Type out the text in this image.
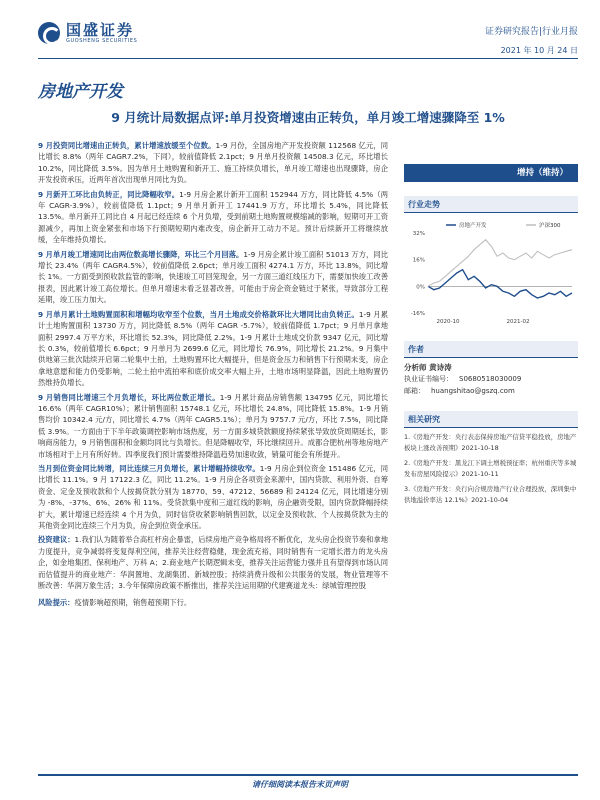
国盛证券
GUOSHENG SECURITIES
证券研究报告|行业月报
2021 年 10 月 24 日
房地产开发
9 月统计局数据点评:单月投资增速由正转负，单月竣工增速骤降至 1%
9 月投资同比增速由正转负，累计增速放缓至个位数。1-9 月份，全国房地产开发投资额 112568 亿元，同比增长 8.8%（两年 CAGR7.2%，下同），较前值降低 2.1pct；9 月单月投资额 14508.3 亿元，环比增长 10.2%，同比降低 3.5%。因为单月土地购置和新开工、施工持续负增长，单月竣工增速也出现骤降，房企开发投资承压，近两年首次出现单月同比为负。
9 月新开工环比由负转正，同比降幅收窄。1-9 月房企累计新开工面积 152944 万方，同比降低 4.5%（两年 CAGR-3.9%），较前值降低 1.1pct；9 月单月新开工 17441.9 万方，环比增长 5.4%，同比降低 13.5%。单月新开工同比自 4 月起已经连续 6 个月负增，受到前期土地购置规模缩减的影响，短期可开工资源减少，再加上资金紧张和市场下行预期短期内难改变，房企新开工动力不足。预计后续新开工将继续放缓，全年维持负增长。
9 月单月竣工增速同比由两位数高增长骤降，环比三个月回落。1-9 月房企累计竣工面积 51013 万方，同比增长 23.4%（两年 CAGR4.5%），较前值降低 2.6pct；单月竣工面积 4274.1 万方，环比 13.8%，同比增长 1%。一方面受到预收款监管的影响，快速竣工可回笼现金，另一方面三道红线压力下，需要加快竣工改善报表，因此累计竣工高位增长。但单月增速未看乏显著改善，可能由于房企资金链过于紧张，导致部分工程延期，竣工压力加大。
9 月单月累计土地购置面积和增幅均收窄至个位数，当月土地成交价格款环比大增同比由负转正。1-9 月累计土地购置面积 13730 万方，同比降低 8.5%（两年 CAGR -5.7%），较前值降低 1.7pct；9 月单月拿地面积 2997.4 万平方米，环比增长 52.3%，同比降低 2.2%。1-9 月累计土地成交价款 9347 亿元，同比增长 0.3%，较前值增长 6.6pct；9 月单月为 2699.6 亿元，同比增长 76.9%，同比增长 21.2%。9 月集中供地第三批次陆续开启第二轮集中土拍，土地购置环比大幅提升，但是资金压力和销售下行预期未变，房企拿地意愿和能力仍受影响，二轮土拍中流拍率和底价成交率大幅上升，土地市场明显降温，因此土地购置仍然维持负增长。
9 月销售同比增速三个月负增长，环比两位数正增长。1-9 月累计商品房销售额 134795 亿元，同比增长 16.6%（两年 CAGR10%）；累计销售面积 15748.1 亿元，环比增长 24.8%，同比降低 15.8%。1-9 月销售均价 10342.4 元/方，同比增长 4.7%（两年 CAGR5.1%）；单月为 9757.7 元/方，环比 7.5%，同比降低 3.9%。一方面由于下半年政策调控影响市场热度，另一方面多城贷款额度持续紧张导致放贷周期延长，影响商房能力，9 月销售面积和金额均同比与负增长。但是降幅收窄，环比继续回升。成都合肥杭州等地房地产市场相对于上月有所好转。四季度我们预计需要维持降温趋势加速收敛，销量可能会有所提升。
当月到位资金同比转增，同比连续三月负增长，累计增幅持续收窄。1-9 月房企到位资金 151486 亿元，同比增长 11.1%。9 月 17122.3 亿，同比 11.2%。1-9 月房企各项资金来源中，国内贷款、利用外资、自筹资金、定金及预收款和个人按揭贷款分别为 18770、59、47212、56689 和 24124 亿元，同比增速分别为 -8%、-37%、6%、26% 和 11%。受贷款集中度和三道红线的影响，房企融资受限，国内贷款降幅持续扩大，累计增速已经连续 4 个月为负，同时信贷收紧影响销售回款，以定金及预收款、个人按揭贷款为主的其他资金同比连续三个月为负，房企到位资金承压。
投资建议：1.我们认为随着举合高杠杆房企暴雷，后续房地产竞争格局将不断优化，龙头房企投资节奏和拿地力度提升，竞争减弱将变复得利空间，推荐关注经营稳健，现金流充裕，同时销售有一定增长潜力的龙头房企，如金地集团、保利地产、万科 A；2.商业地产长期逻辑未变，推荐关注运营能力强并且有望得到市场认同而估值提升的商业地产：华润置地、龙湖集团、新城控股；持续消费升级和公共服务的发展，物业管理等不断改善：华润万象生活；3.今年保障房政策不断推出，推荐关注运用期的代建赛道龙头：绿城管理控股
风险提示：疫情影响超预期，销售超预期下行。
增持（维持）
行业走势
32%
16%
0%
-16%
2020-10	2021-02
房地产开发	沪深300
作者
分析师 黄诗涛
执业证书编号： S0680518030009
邮箱： huangshitao@gszq.com
相关研究
1.《房地产开发：央行表态保持房地产信贷平稳投放，房地产板块上涨改善预期》2021-10-18
2.《房地产开发：黑龙江下调土增税预征率；杭州重庆等多城发布房屋风险提示》2021-10-11
3.《房地产开发：央行向合规房地产行业合理投放，深圳集中供地溢价率达 12.1%》2021-10-04
请仔细阅读本报告末页声明
